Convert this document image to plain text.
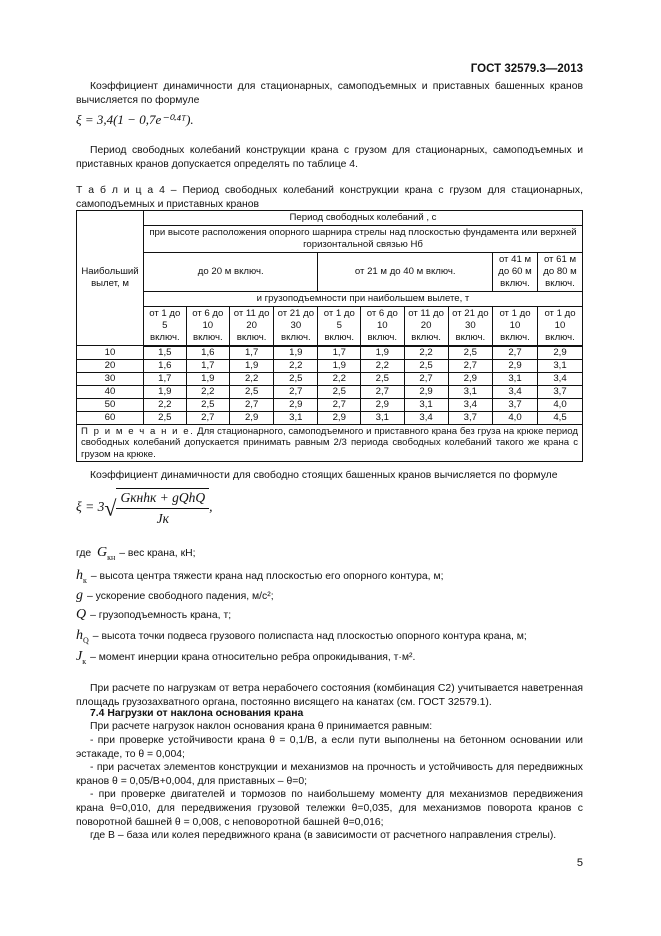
ГОСТ 32579.3—2013
Коэффициент динамичности для стационарных, самоподъемных и приставных башенных кранов вычисляется по формуле
ξ = 3,4(1 − 0,7e⁻⁰·⁴ᵀ).
Период свободных колебаний конструкции крана с грузом для стационарных, самоподъемных и приставных кранов допускается определять по таблице 4.
Т а б л и ц а 4 – Период свободных колебаний конструкции крана с грузом для стационарных, самоподъемных и приставных кранов
Наибольший вылет, м	Период свободных колебаний , с									
	при высоте расположения опорного шарнира стрелы над плоскостью фундамента или верхней горизонтальной связью Hб									
	до 20 м включ.				от 21 м до 40 м включ.				от 41 м до 60 м включ.	от 61 м до 80 м включ.
	и грузоподъемности при наибольшем вылете, т									
	от 1 до 5 включ.	от 6 до 10 включ.	от 11 до 20 включ.	от 21 до 30 включ.	от 1 до 5 включ.	от 6 до 10 включ.	от 11 до 20 включ.	от 21 до 30 включ.	от 1 до 10 включ.	от 1 до 10 включ.
10	1,5	1,6	1,7	1,9	1,7	1,9	2,2	2,5	2,7	2,9
20	1,6	1,7	1,9	2,2	1,9	2,2	2,5	2,7	2,9	3,1
30	1,7	1,9	2,2	2,5	2,2	2,5	2,7	2,9	3,1	3,4
40	1,9	2,2	2,5	2,7	2,5	2,7	2,9	3,1	3,4	3,7
50	2,2	2,5	2,7	2,9	2,7	2,9	3,1	3,4	3,7	4,0
60	2,5	2,7	2,9	3,1	2,9	3,1	3,4	3,7	4,0	4,5
П р и м е ч а н и е. Для стационарного, самоподъемного и приставного крана без груза на крюке период свободных колебаний допускается принимать равным 2/3 периода свободных колебаний такого же крана с грузом на крюке.										
Коэффициент динамичности для свободно стоящих башенных кранов вычисляется по формуле
$\xi = 3√ \frac{\text{Gкнhк + gQhQ}}{Jк}$ ,
где $G_{кн}$ – вес крана, кН;
$h_к$ – высота центра тяжести крана над плоскостью его опорного контура, м;
g – ускорение свободного падения, м/с²;
Q – грузоподъемность крана, т;
$h_Q$ – высота точки подвеса грузового полиспаста над плоскостью опорного контура крана, м;
$J_к$ – момент инерции крана относительно ребра опрокидывания, т·м².
При расчете по нагрузкам от ветра нерабочего состояния (комбинация С2) учитывается наветренная площадь грузозахватного органа, постоянно висящего на канатах (см. ГОСТ 32579.1).
7.4 Нагрузки от наклона основания крана
При расчете нагрузок наклон основания крана θ принимается равным:
- при проверке устойчивости крана θ = 0,1/B, а если пути выполнены на бетонном основании или эстакаде, то θ = 0,004;
- при расчетах элементов конструкции и механизмов на прочность и устойчивость для передвижных кранов θ = 0,05/B+0,004, для приставных – θ=0;
- при проверке двигателей и тормозов по наибольшему моменту для механизмов передвижения крана θ=0,010, для передвижения грузовой тележки θ=0,035, для механизмов поворота кранов с поворотной башней θ = 0,008, с неповоротной башней θ=0,016;
где B – база или колея передвижного крана (в зависимости от расчетного направления стрелы).
5
